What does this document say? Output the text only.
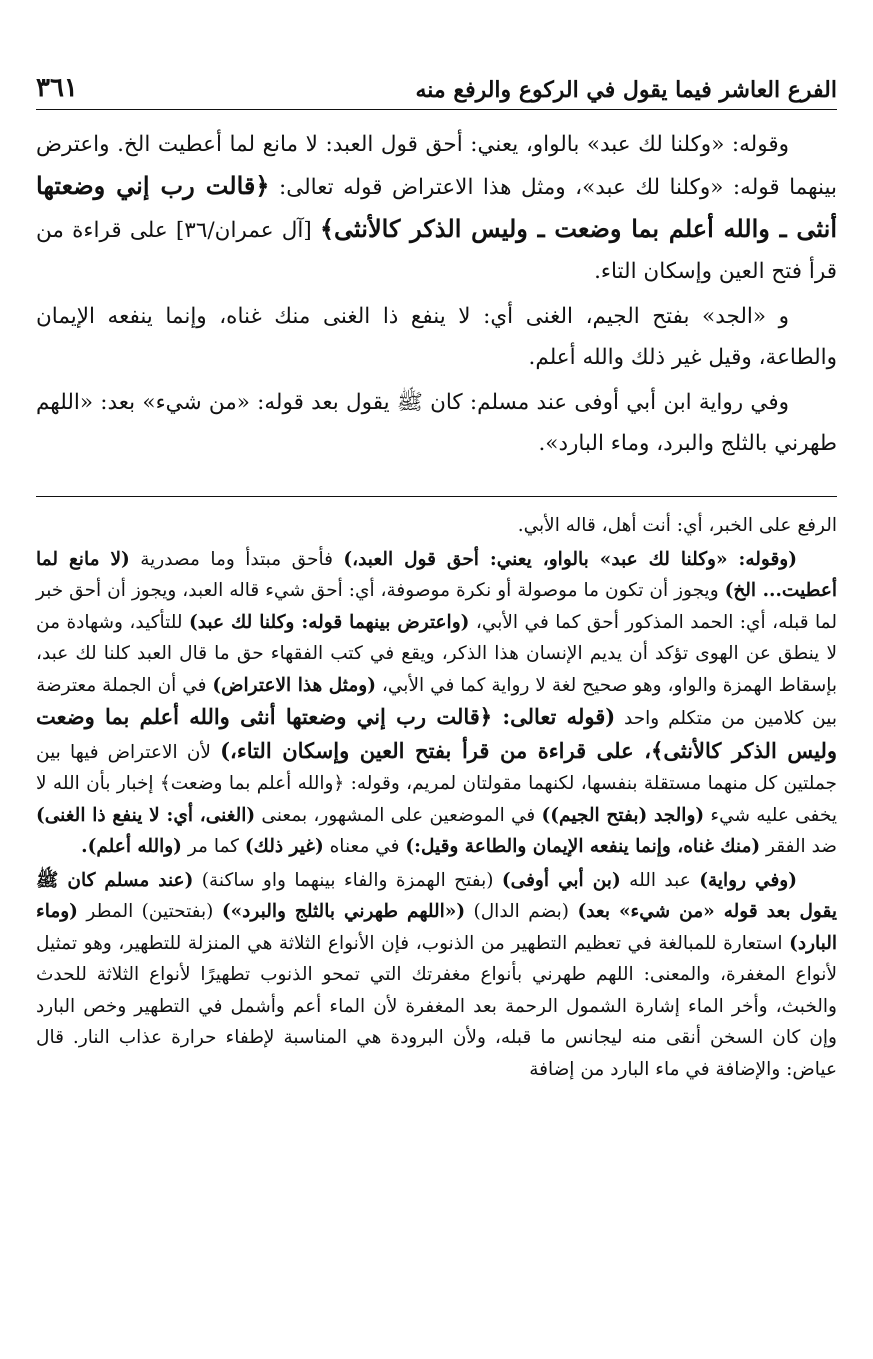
الفرع العاشر فيما يقول في الركوع والرفع منه
٣٦١

وقوله: «وكلنا لك عبد» بالواو، يعني: أحق قول العبد: لا مانع لما أعطيت الخ. واعترض بينهما قوله: «وكلنا لك عبد»، ومثل هذا الاعتراض قوله تعالى: ﴿قالت رب إني وضعتها أنثى ـ والله أعلم بما وضعت ـ وليس الذكر كالأنثى﴾ [آل عمران/٣٦] على قراءة من قرأ فتح العين وإسكان التاء.

و «الجد» بفتح الجيم، الغنى أي: لا ينفع ذا الغنى منك غناه، وإنما ينفعه الإيمان والطاعة، وقيل غير ذلك والله أعلم.

وفي رواية ابن أبي أوفى عند مسلم: كان ﷺ يقول بعد قوله: «من شيء» بعد: «اللهم طهرني بالثلج والبرد، وماء البارد».

الرفع على الخبر، أي: أنت أهل، قاله الأبي.

(وقوله: «وكلنا لك عبد» بالواو، يعني: أحق قول العبد،) فأحق مبتدأ وما مصدرية (لا مانع لما أعطيت... الخ) ويجوز أن تكون ما موصولة أو نكرة موصوفة، أي: أحق شيء قاله العبد، ويجوز أن أحق خبر لما قبله، أي: الحمد المذكور أحق كما في الأبي، (واعترض بينهما قوله: وكلنا لك عبد) للتأكيد، وشهادة من لا ينطق عن الهوى تؤكد أن يديم الإنسان هذا الذكر، ويقع في كتب الفقهاء حق ما قال العبد كلنا لك عبد، بإسقاط الهمزة والواو، وهو صحيح لغة لا رواية كما في الأبي، (ومثل هذا الاعتراض) في أن الجملة معترضة بين كلامين من متكلم واحد (قوله تعالى: ﴿قالت رب إني وضعتها أنثى والله أعلم بما وضعت وليس الذكر كالأنثى﴾، على قراءة من قرأ بفتح العين وإسكان التاء،) لأن الاعتراض فيها بين جملتين كل منهما مستقلة بنفسها، لكنهما مقولتان لمريم، وقوله: ﴿والله أعلم بما وضعت﴾ إخبار بأن الله لا يخفى عليه شيء (والجد (بفتح الجيم)) في الموضعين على المشهور، بمعنى (الغنى، أي: لا ينفع ذا الغنى) ضد الفقر (منك غناه، وإنما ينفعه الإيمان والطاعة وقيل:) في معناه (غير ذلك) كما مر (والله أعلم).

(وفي رواية) عبد الله (بن أبي أوفى) (بفتح الهمزة والفاء بينهما واو ساكنة) (عند مسلم كان ﷺ يقول بعد قوله «من شيء» بعد) (بضم الدال) («اللهم طهرني بالثلج والبرد») (بفتحتين) المطر (وماء البارد) استعارة للمبالغة في تعظيم التطهير من الذنوب، فإن الأنواع الثلاثة هي المنزلة للتطهير، وهو تمثيل لأنواع المغفرة، والمعنى: اللهم طهرني بأنواع مغفرتك التي تمحو الذنوب تطهيرًا لأنواع الثلاثة للحدث والخبث، وأخر الماء إشارة الشمول الرحمة بعد المغفرة لأن الماء أعم وأشمل في التطهير وخص البارد وإن كان السخن أنقى منه ليجانس ما قبله، ولأن البرودة هي المناسبة لإطفاء حرارة عذاب النار. قال عياض: والإضافة في ماء البارد من إضافة
